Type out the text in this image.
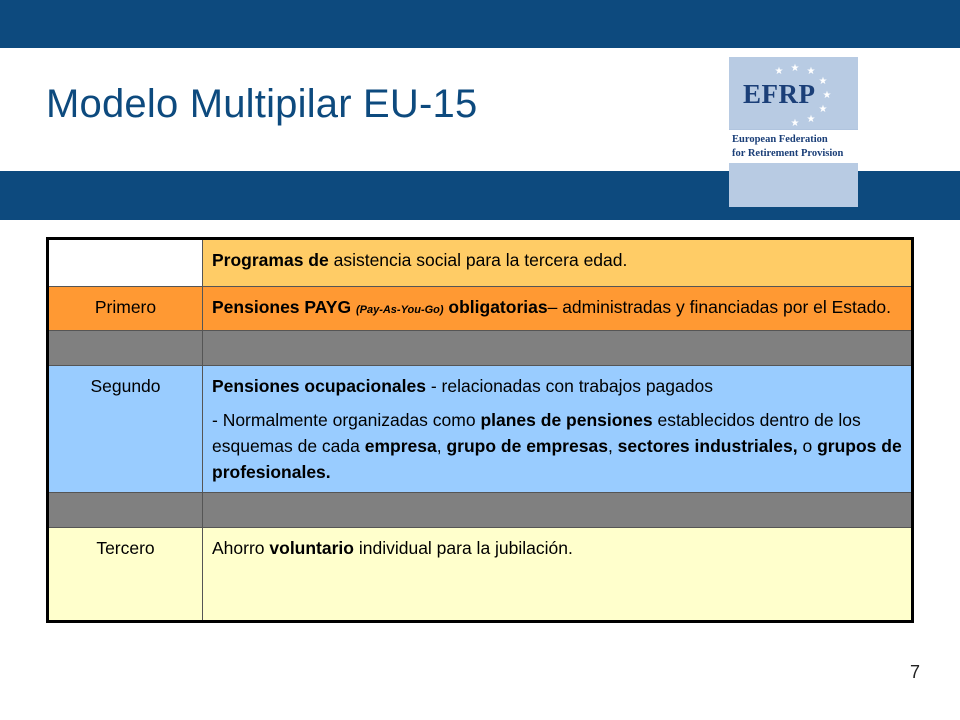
Modelo Multipilar EU-15
★ ★
★
★
★
★
★
★
EFRP
European Federation
for Retirement Provision
	Programas de asistencia social para la tercera edad.
Primero	Pensiones PAYG (Pay-As-You-Go) obligatorias– administradas y financiadas por el Estado.

Segundo	Pensiones ocupacionales - relacionadas con trabajos pagados
- Normalmente organizadas como planes de pensiones establecidos dentro de los esquemas de cada empresa, grupo de empresas, sectores industriales, o grupos de profesionales.

Tercero	Ahorro voluntario individual para la jubilación.
7
